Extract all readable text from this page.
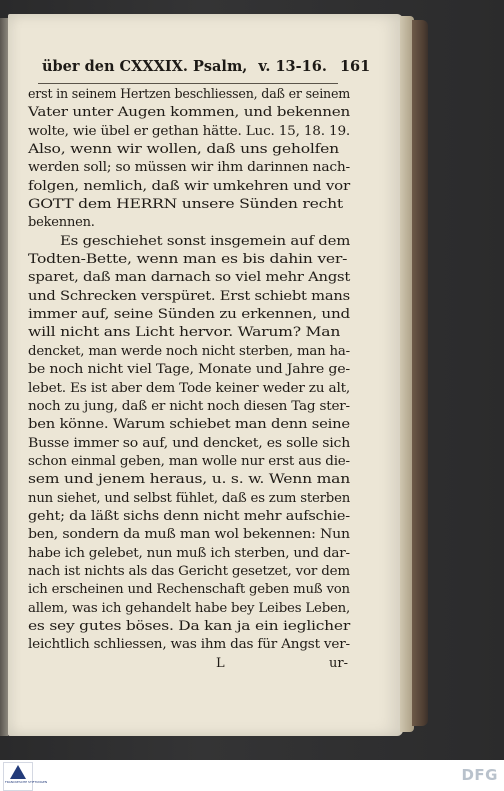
über den CXXXIX. Psalm, v. 13-16. 161
erst in seinem Hertzen beschliessen, daß er seinem
Vater unter Augen kommen, und bekennen
wolte, wie übel er gethan hätte. Luc. 15, 18. 19.
Also, wenn wir wollen, daß uns geholfen
werden soll; so müssen wir ihm darinnen nach-
folgen, nemlich, daß wir umkehren und vor
GOTT dem HERRN unsere Sünden recht
bekennen.
Es geschiehet sonst insgemein auf dem
Todten-Bette, wenn man es bis dahin ver-
sparet, daß man darnach so viel mehr Angst
und Schrecken verspüret. Erst schiebt mans
immer auf, seine Sünden zu erkennen, und
will nicht ans Licht hervor. Warum? Man
dencket, man werde noch nicht sterben, man ha-
be noch nicht viel Tage, Monate und Jahre ge-
lebet. Es ist aber dem Tode keiner weder zu alt,
noch zu jung, daß er nicht noch diesen Tag ster-
ben könne. Warum schiebet man denn seine
Busse immer so auf, und dencket, es solle sich
schon einmal geben, man wolle nur erst aus die-
sem und jenem heraus, u. s. w. Wenn man
nun siehet, und selbst fühlet, daß es zum sterben
geht; da läßt sichs denn nicht mehr aufschie-
ben, sondern da muß man wol bekennen: Nun
habe ich gelebet, nun muß ich sterben, und dar-
nach ist nichts als das Gericht gesetzet, vor dem
ich erscheinen und Rechenschaft geben muß von
allem, was ich gehandelt habe bey Leibes Leben,
es sey gutes böses. Da kan ja ein ieglicher
leichtlich schliessen, was ihm das für Angst ver-
L	ur-
FRANCKESCHE STIFTUNGEN	DFG
